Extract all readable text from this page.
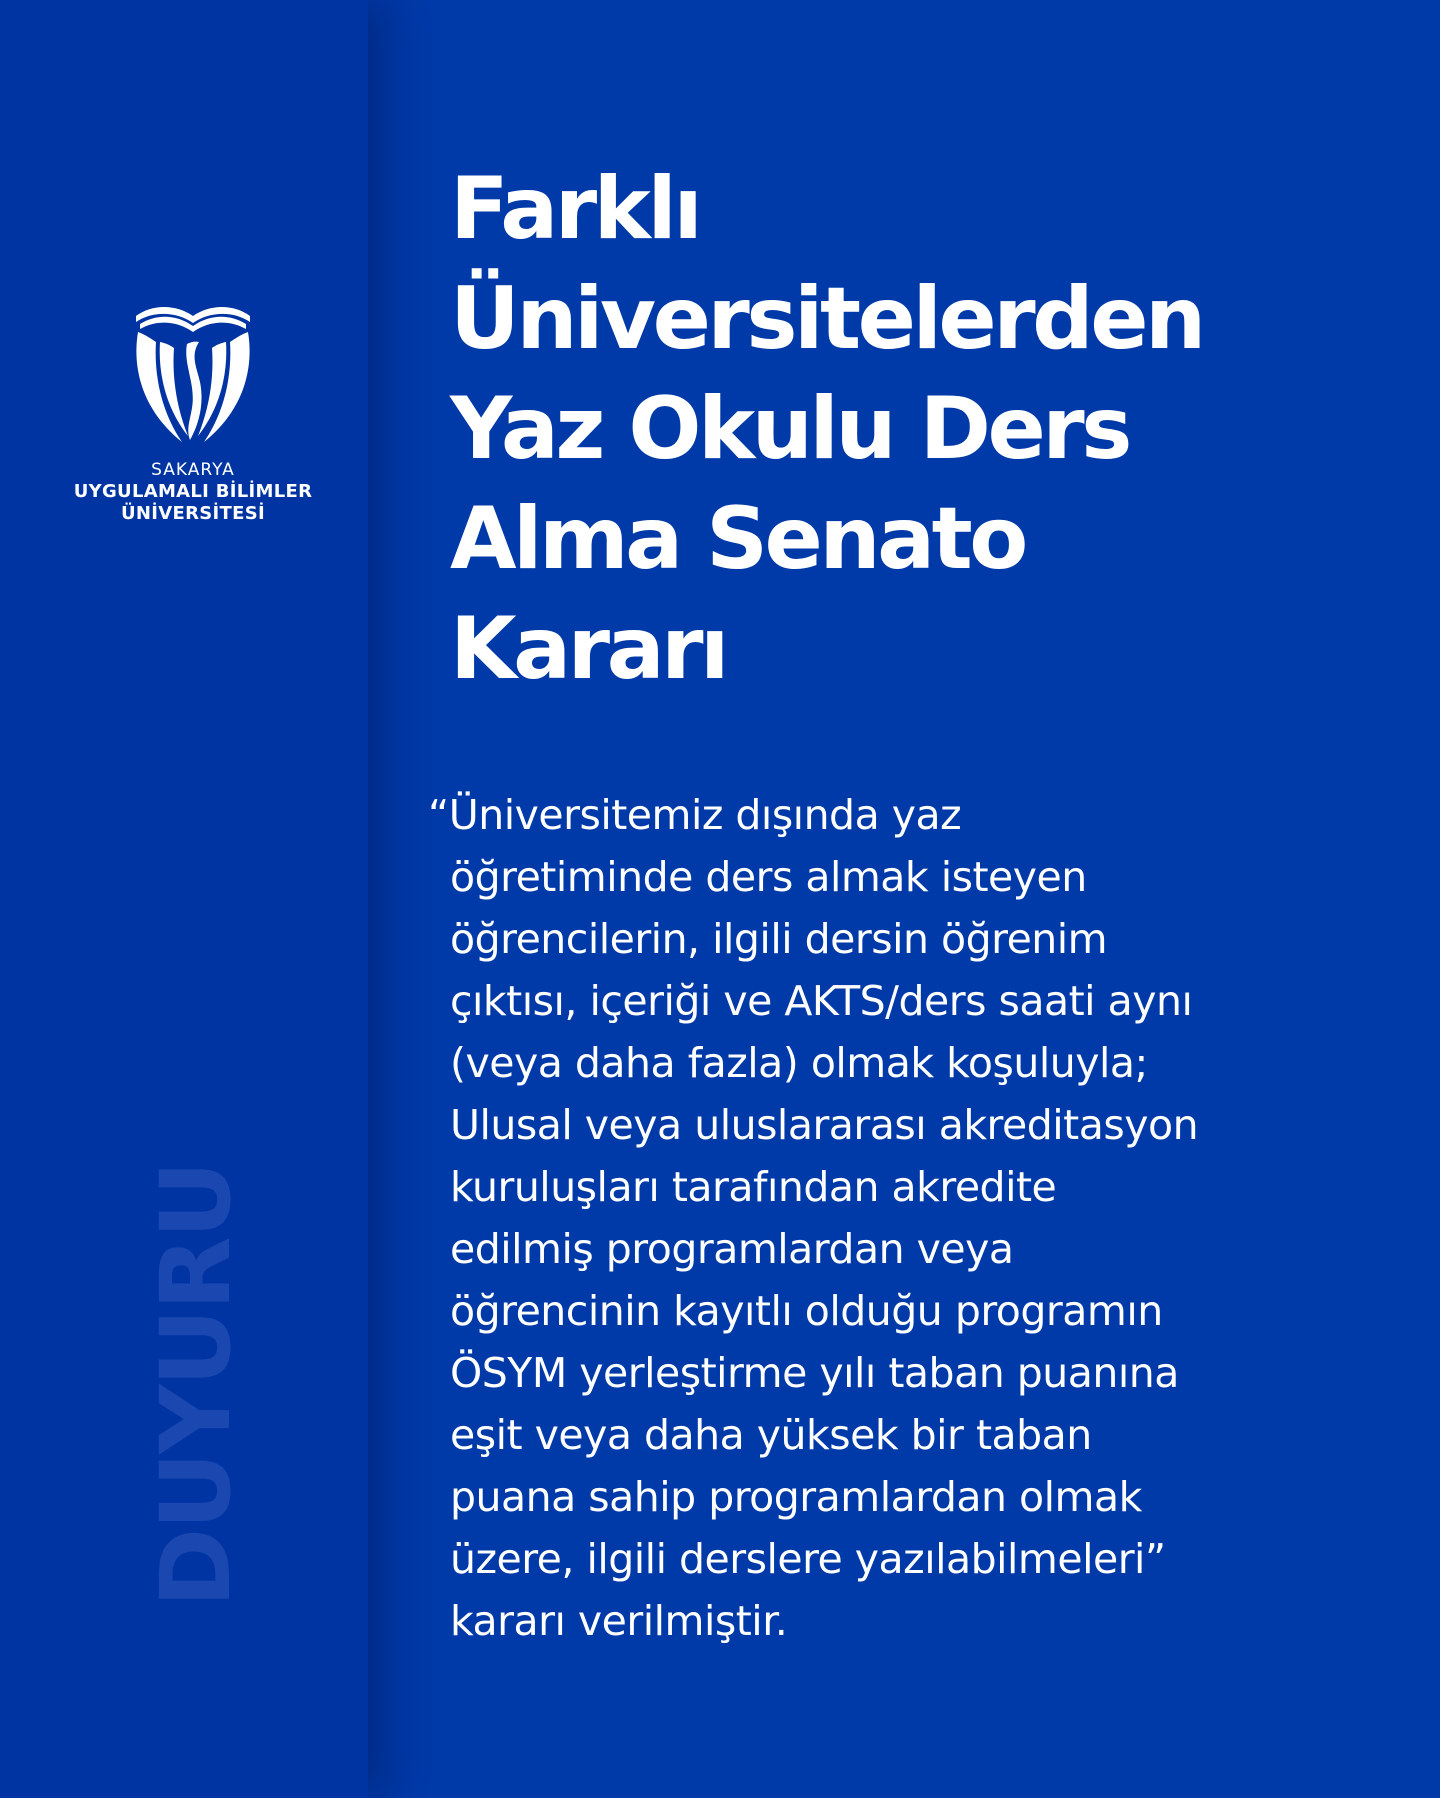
SAKARYA
UYGULAMALI BİLİMLER
ÜNİVERSİTESİ
DUYURU
Farklı
Üniversitelerden
Yaz Okulu Ders
Alma Senato
Kararı

“Üniversitemiz dışında yaz
öğretiminde ders almak isteyen
öğrencilerin, ilgili dersin öğrenim
çıktısı, içeriği ve AKTS/ders saati aynı
(veya daha fazla) olmak koşuluyla;
Ulusal veya uluslararası akreditasyon
kuruluşları tarafından akredite
edilmiş programlardan veya
öğrencinin kayıtlı olduğu programın
ÖSYM yerleştirme yılı taban puanına
eşit veya daha yüksek bir taban
puana sahip programlardan olmak
üzere, ilgili derslere yazılabilmeleri”
kararı verilmiştir.
